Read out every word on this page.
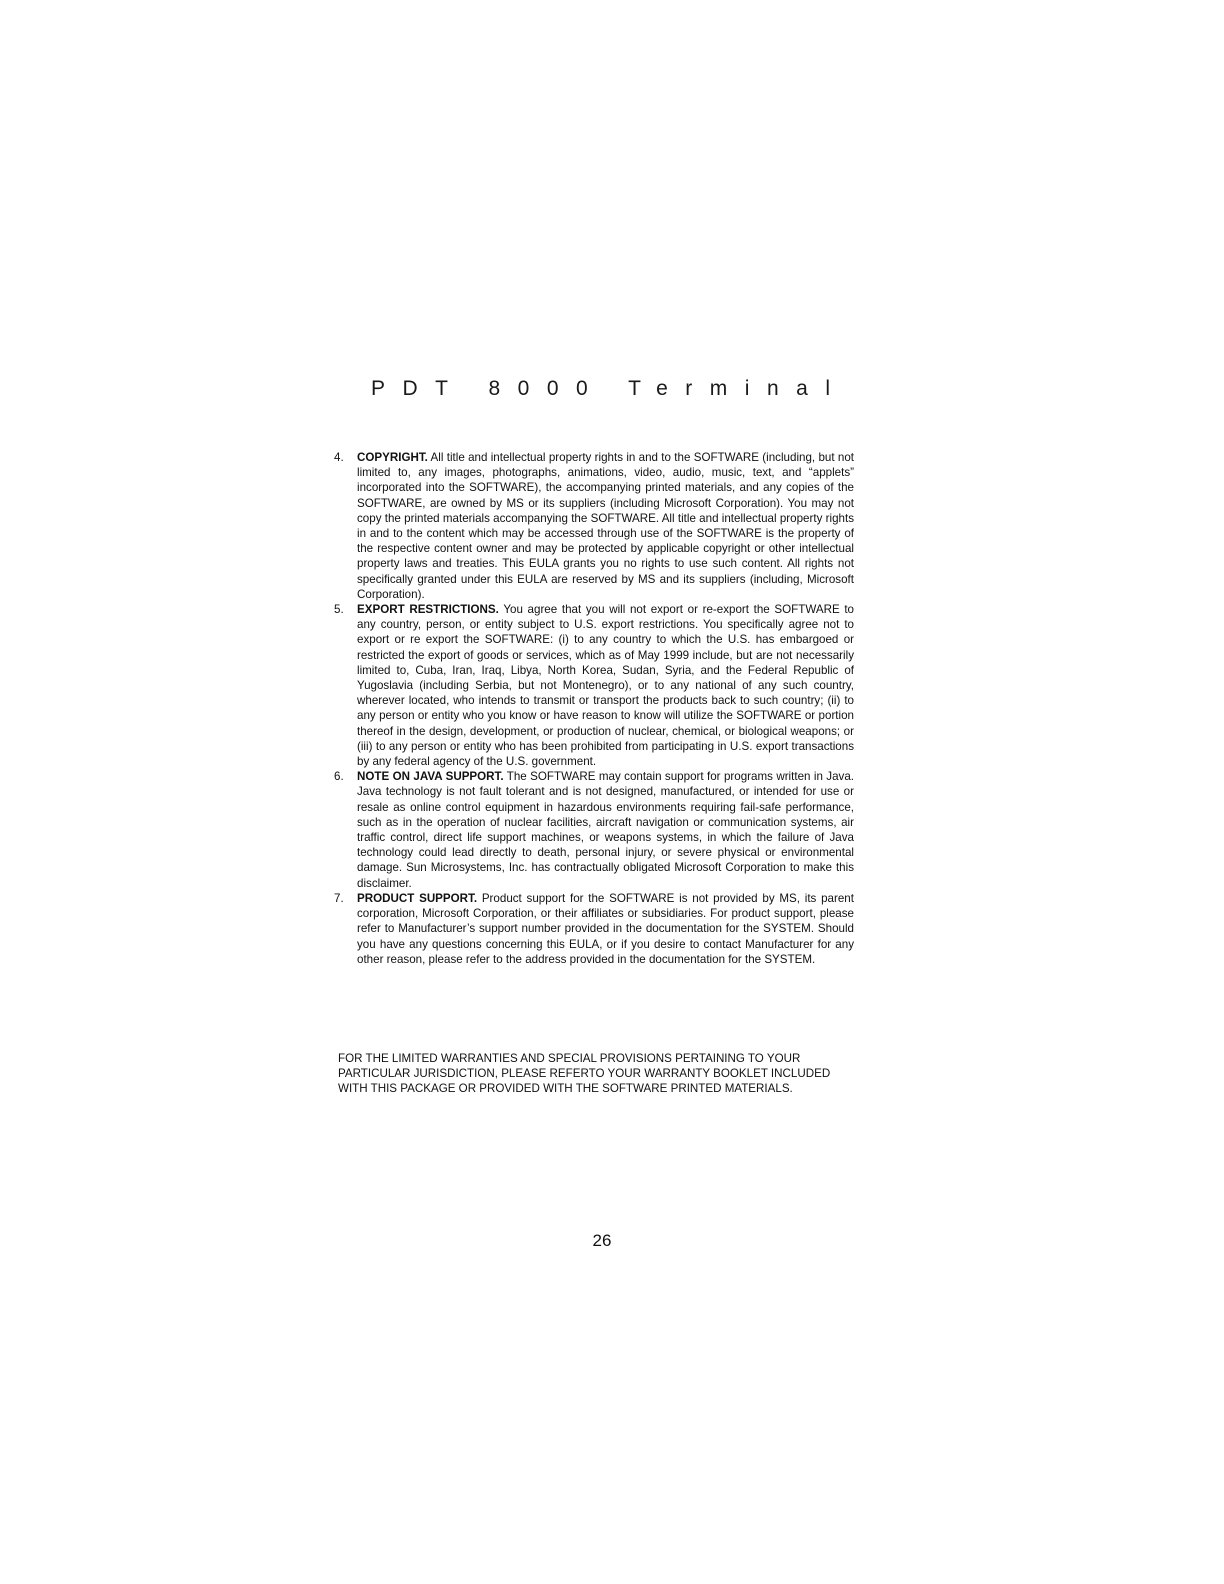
PDT 8000 Terminal
4. COPYRIGHT. All title and intellectual property rights in and to the SOFTWARE (including, but not limited to, any images, photographs, animations, video, audio, music, text, and “applets” incorporated into the SOFTWARE), the accompanying printed materials, and any copies of the SOFTWARE, are owned by MS or its suppliers (including Microsoft Corporation). You may not copy the printed materials accompanying the SOFTWARE. All title and intellectual property rights in and to the content which may be accessed through use of the SOFTWARE is the property of the respective content owner and may be protected by applicable copyright or other intellectual property laws and treaties. This EULA grants you no rights to use such content. All rights not specifically granted under this EULA are reserved by MS and its suppliers (including, Microsoft Corporation).
5. EXPORT RESTRICTIONS. You agree that you will not export or re-export the SOFTWARE to any country, person, or entity subject to U.S. export restrictions. You specifically agree not to export or re export the SOFTWARE: (i) to any country to which the U.S. has embargoed or restricted the export of goods or services, which as of May 1999 include, but are not necessarily limited to, Cuba, Iran, Iraq, Libya, North Korea, Sudan, Syria, and the Federal Republic of Yugoslavia (including Serbia, but not Montenegro), or to any national of any such country, wherever located, who intends to transmit or transport the products back to such country; (ii) to any person or entity who you know or have reason to know will utilize the SOFTWARE or portion thereof in the design, development, or production of nuclear, chemical, or biological weapons; or (iii) to any person or entity who has been prohibited from participating in U.S. export transactions by any federal agency of the U.S. government.
6. NOTE ON JAVA SUPPORT. The SOFTWARE may contain support for programs written in Java. Java technology is not fault tolerant and is not designed, manufactured, or intended for use or resale as online control equipment in hazardous environments requiring fail-safe performance, such as in the operation of nuclear facilities, aircraft navigation or communication systems, air traffic control, direct life support machines, or weapons systems, in which the failure of Java technology could lead directly to death, personal injury, or severe physical or environmental damage. Sun Microsystems, Inc. has contractually obligated Microsoft Corporation to make this disclaimer.
7. PRODUCT SUPPORT. Product support for the SOFTWARE is not provided by MS, its parent corporation, Microsoft Corporation, or their affiliates or subsidiaries. For product support, please refer to Manufacturer’s support number provided in the documentation for the SYSTEM. Should you have any questions concerning this EULA, or if you desire to contact Manufacturer for any other reason, please refer to the address provided in the documentation for the SYSTEM.

FOR THE LIMITED WARRANTIES AND SPECIAL PROVISIONS PERTAINING TO YOUR PARTICULAR JURISDICTION, PLEASE REFERTO YOUR WARRANTY BOOKLET INCLUDED WITH THIS PACKAGE OR PROVIDED WITH THE SOFTWARE PRINTED MATERIALS.

26
